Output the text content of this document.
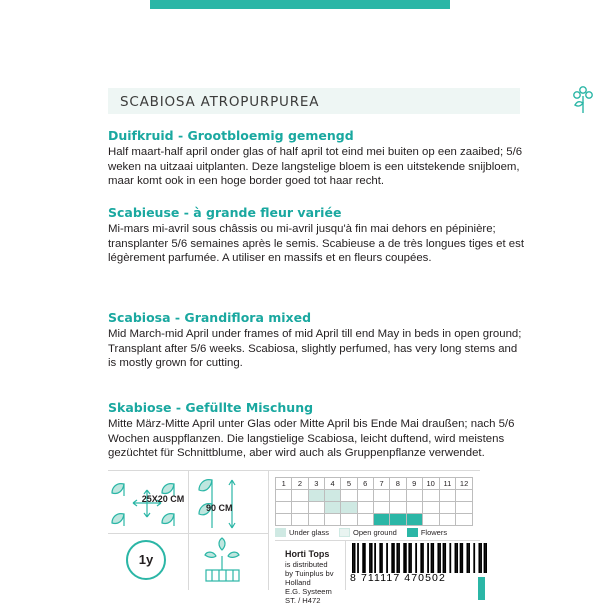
SCABIOSA ATROPURPUREA
Duifkruid - Grootbloemig gemengd

Half maart-half april onder glas of half april tot eind mei buiten op een zaaibed; 5/6 weken na uitzaai uitplanten. Deze langstelige bloem is een uitstekende snijbloem, maar komt ook in een hoge border goed tot haar recht.

Scabieuse - à grande fleur variée

Mi-mars mi-avril sous châssis ou mi-avril jusqu'à fin mai dehors en pépinière; transplanter 5/6 semaines après le semis. Scabieuse a de très longues tiges et est légèrement parfumée. A utiliser en massifs et en fleurs coupées.

Scabiosa - Grandiflora mixed

Mid March-mid April under frames of mid April till end May in beds in open ground; Transplant after 5/6 weeks. Scabiosa, slightly perfumed, has very long stems and is mostly grown for cutting.

Skabiose - Gefüllte Mischung

Mitte März-Mitte April unter Glas oder Mitte April bis Ende Mai draußen; nach 5/6 Wochen ausppflanzen. Die langstielige Scabiosa, leicht duftend, wird meistens gezüchtet für Schnittblume, aber wird auch als Gruppenpflanze verwendet.

25X20 CM
90 CM
1y
1	2	3	4	5	6	7	8	9	10	11	12

Under glass	Open ground	Flowers
Horti Tops
is distributed
by Tuinplus bv
Holland
E.G. Systeem
ST. / H472
8 711117 470502
